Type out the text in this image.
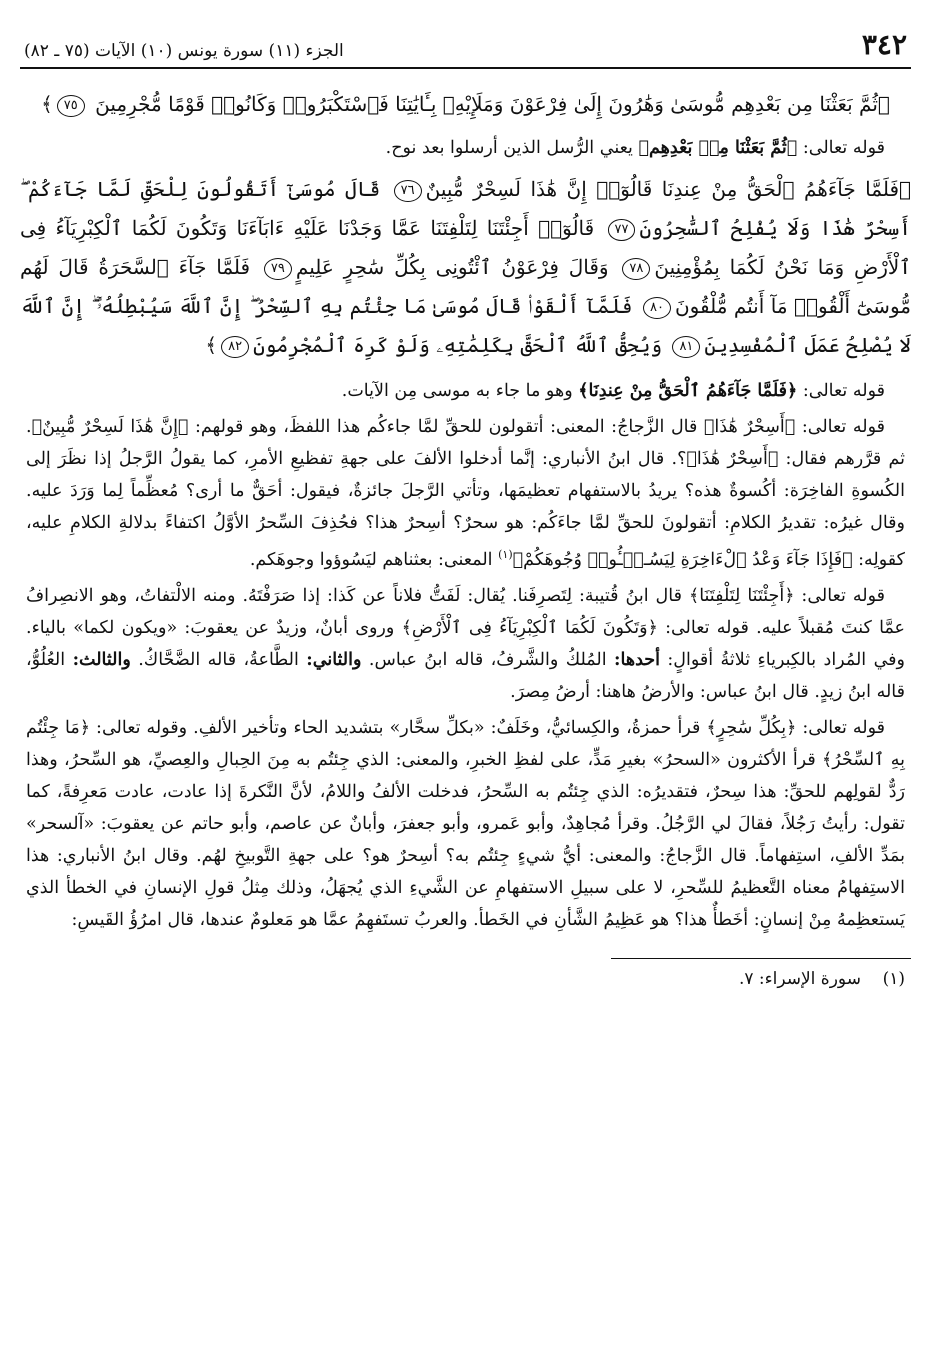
٣٤٢
الجزء (١١) سورة يونس (١٠) الآيات (٧٥ ـ ٨٢)
﴿ثُمَّ بَعَثْنَا مِن بَعْدِهِم مُّوسَىٰ وَهَٰرُونَ إِلَىٰ فِرْعَوْنَ وَمَلَإِيْهِۦ بِـَٔايَٰتِنَا فَٱسْتَكْبَرُوا۟ وَكَانُوا۟ قَوْمًا مُّجْرِمِينَ ٧٥﴾

قوله تعالى: ﴿ثُمَّ بَعَثْنَا مِنۢ بَعْدِهِم﴾ يعني الرُّسل الذين أرسلوا بعد نوح.

﴿فَلَمَّا جَآءَهُمُ ٱلْحَقُّ مِنْ عِندِنَا قَالُوٓا۟ إِنَّ هَٰذَا لَسِحْرٌ مُّبِينٌ٧٦ قَالَ مُوسَىٰٓ أَتَقُولُونَ لِلْحَقِّ لَمَّا جَآءَكُمْ ۖ أَسِحْرٌ هَٰذَا وَلَا يُفْلِحُ ٱلسَّٰحِرُونَ٧٧ قَالُوٓا۟ أَجِئْتَنَا لِتَلْفِتَنَا عَمَّا وَجَدْنَا عَلَيْهِ ءَابَآءَنَا وَتَكُونَ لَكُمَا ٱلْكِبْرِيَآءُ فِى ٱلْأَرْضِ وَمَا نَحْنُ لَكُمَا بِمُؤْمِنِينَ٧٨ وَقَالَ فِرْعَوْنُ ٱئْتُونِى بِكُلِّ سَٰحِرٍ عَلِيمٍ٧٩ فَلَمَّا جَآءَ ٱلسَّحَرَةُ قَالَ لَهُم مُّوسَىٰٓ أَلْقُوا۟ مَآ أَنتُم مُّلْقُونَ٨٠ فَلَمَّآ أَلْقَوْا۟ قَالَ مُوسَىٰ مَا جِئْتُم بِهِ ٱلسِّحْرُ ۖ إِنَّ ٱللَّهَ سَيُبْطِلُهُۥٓ ۖ إِنَّ ٱللَّهَ لَا يُصْلِحُ عَمَلَ ٱلْمُفْسِدِينَ٨١ وَيُحِقُّ ٱللَّهُ ٱلْحَقَّ بِكَلِمَٰتِهِۦ وَلَوْ كَرِهَ ٱلْمُجْرِمُونَ٨٢﴾

قوله تعالى: ﴿فَلَمَّا جَآءَهُمُ ٱلْحَقُّ مِنْ عِندِنَا﴾ وهو ما جاء به موسى مِن الآيات.

قوله تعالى: ﴿أَسِحْرٌ هَٰذَا﴾ قال الزَّجاجُ: المعنى: أتقولون للحقِّ لمَّا جاءكُم هذا اللفظَ، وهو قولهم: ﴿إِنَّ هَٰذَا لَسِحْرٌ مُّبِينٌ﴾. ثم قرَّرهم فقال: ﴿أَسِحْرٌ هَٰذَا﴾؟. قال ابنُ الأنباري: إنَّما أدخلوا الألفَ على جهةِ تفظيعِ الأمرِ، كما يقولُ الرَّجلُ إذا نظَرَ إلى الكُسوةِ الفاخِرَة: أكُسوةٌ هذه؟ يريدُ بالاستفهام تعظيمَها، وتأتي الرَّجلَ جائزةٌ، فيقول: أحَقٌّ ما أرى؟ مُعظِّماً لِما وَرَدَ عليه. وقال غيرُه: تقديرُ الكلامِ: أتقولونَ للحقِّ لمَّا جاءَكُم: هو سحرٌ؟ أسِحرٌ هذا؟ فحُذِفَ السِّحرُ الأوَّلُ اكتفاءً بدلالةِ الكلامِ عليه، كقولِه: ﴿فَإِذَا جَآءَ وَعْدُ ٱلْءَاخِرَةِ لِيَسُـۥٓـُٔوا۟ وُجُوهَكُمْ﴾$^{(١)}$ المعنى: بعثناهم ليَسُوؤوا وجوهَكم.

قوله تعالى: ﴿أَجِئْتَنَا لِتَلْفِتَنَا﴾ قال ابنُ قُتيبة: لِتَصرِفَنا. يُقال: لَفَتُّ فلاناً عن كَذا: إذا صَرَفْتَهُ. ومنه الالْتفاتُ، وهو الانصِرافُ عمَّا كنتَ مُقبلاً عليه. قوله تعالى: ﴿وَتَكُونَ لَكُمَا ٱلْكِبْرِيَآءُ فِى ٱلْأَرْضِ﴾ وروى أبانٌ، وزيدٌ عن يعقوبَ: «ويكون لكما» بالياء. وفي المُراد بالكِبرياءِ ثلاثةُ أقوالٍ: أحدها: المُلكُ والشَّرفُ، قاله ابنُ عباس. والثاني: الطَّاعةُ، قاله الضَّحَّاكُ. والثالث: العُلُوُّ، قاله ابنُ زيدٍ. قال ابنُ عباس: والأرضُ هاهنا: أرضُ مِصرَ.

قوله تعالى: ﴿بِكُلِّ سَٰحِرٍ﴾ قرأ حمزةُ، والكِسائيُّ، وخَلَفٌ: «بكلِّ سحَّار» بتشديد الحاء وتأخير الألفِ. وقوله تعالى: ﴿مَا جِئْتُم بِهِ ٱلسِّحْرُ﴾ قرأ الأكثرون «السحرُ» بغيرِ مَدٍّ، على لفظِ الخبرِ، والمعنى: الذي جِئتُم به مِنَ الحِبالِ والعِصيِّ، هو السِّحرُ، وهذا رَدٌّ لقولِهم للحقِّ: هذا سِحرٌ، فتقديرُه: الذي جِئتُم به السِّحرُ، فدخلت الألفُ واللامُ، لأنَّ النَّكرةَ إذا عادت، عادت مَعرِفةً، كما تقول: رأيتُ رَجُلاً، فقالَ لي الرَّجُلُ. وقرأ مُجاهِدٌ، وأبو عَمرو، وأبو جعفرَ، وأبانٌ عن عاصم، وأبو حاتم عن يعقوبَ: «آلسحر» بمَدِّ الألفِ، استِفهاماً. قال الزَّجاجُ: والمعنى: أيُّ شيءٍ جِئتُم به؟ أسِحرٌ هو؟ على جهةِ التَّوبيخِ لهُم. وقال ابنُ الأنباري: هذا الاستِفهامُ معناه التَّعظيمُ للسِّحرِ، لا على سبيلِ الاستفهامِ عن الشَّيءِ الذي يُجهَلُ، وذلك مِثلُ قولِ الإنسانِ في الخطأ الذي يَستعظِمهُ مِنْ إنسانٍ: أخَطأٌ هذا؟ هو عَظِيمُ الشَّأنِ في الخَطأ. والعربُ تستَفهِمُ عمَّا هو مَعلومٌ عندها، قال امرُؤُ القَيسِ:

(١)    سورة الإسراء: ٧.
